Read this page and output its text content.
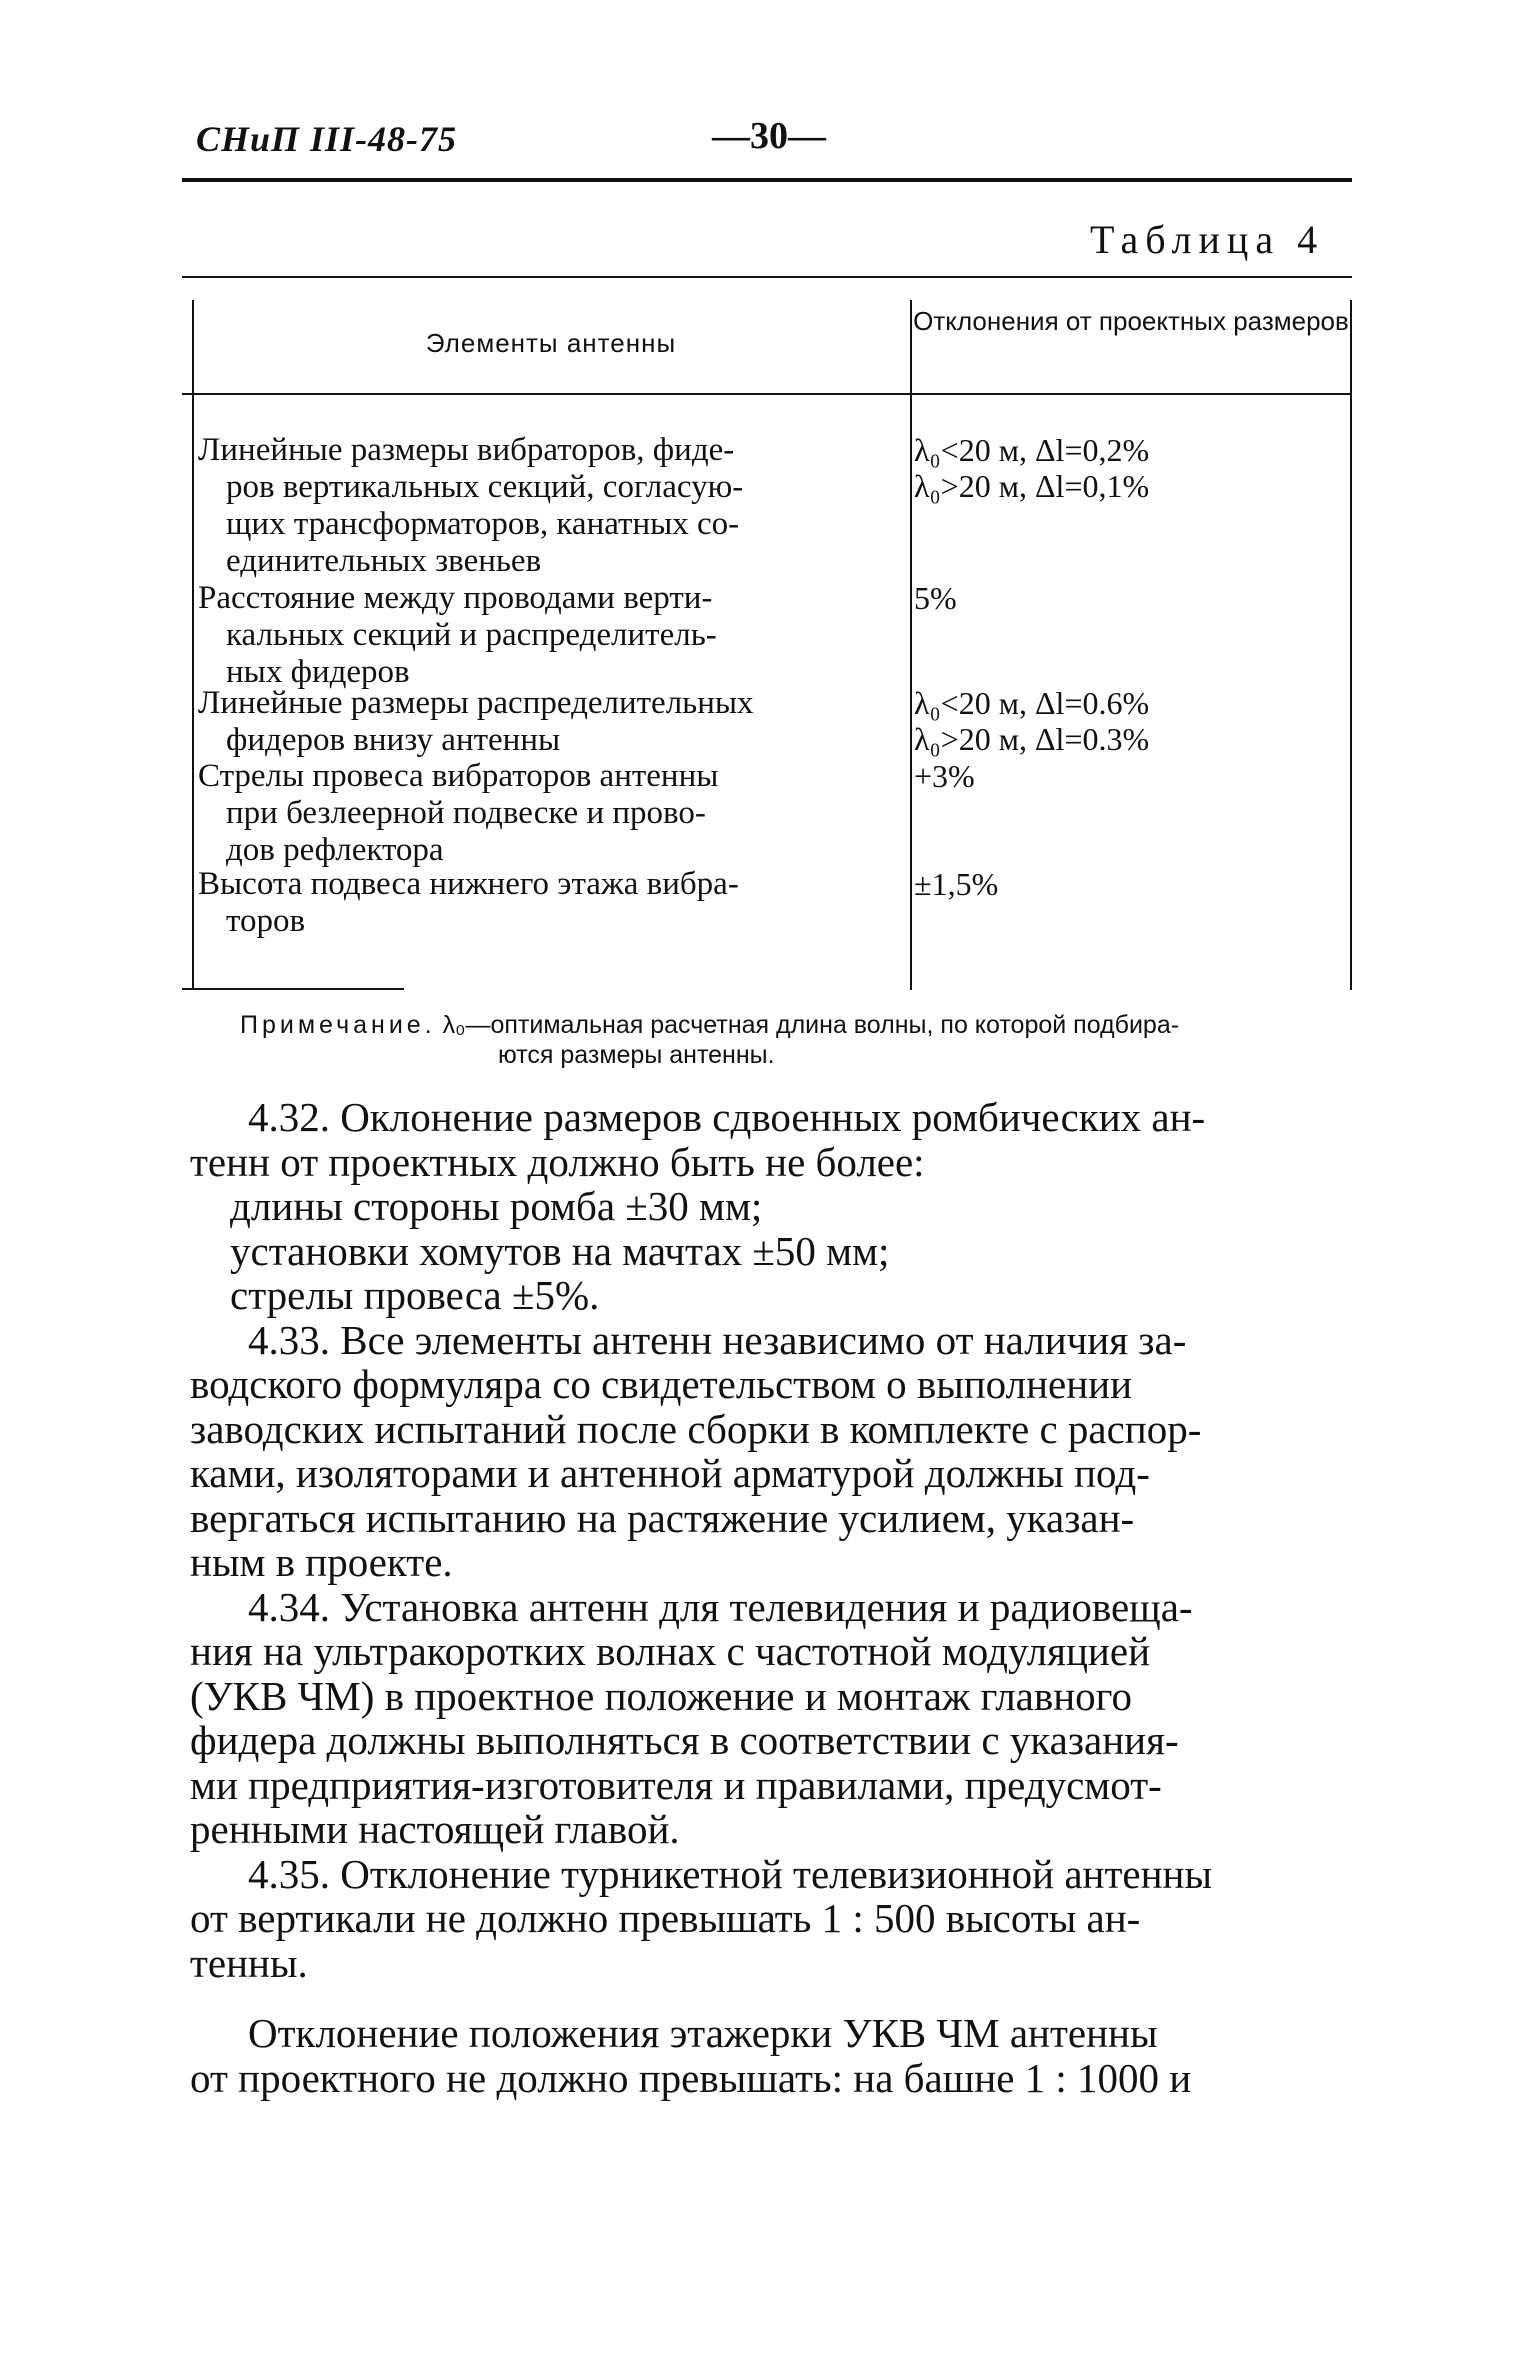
СНиП III-48-75	—30—
Таблица 4
Элементы антенны
Отклонения от проектных размеров
Линейные размеры вибраторов, фиде-
ров вертикальных секций, согласую-
щих трансформаторов, канатных со-
единительных звеньев
λ₀<20 м, Δl=0,2%
λ₀>20 м, Δl=0,1%
Расстояние между проводами верти-
кальных секций и распределитель-
ных фидеров
5%
Линейные размеры распределительных
фидеров внизу антенны
λ₀<20 м, Δl=0.6%
λ₀>20 м, Δl=0.3%
Стрелы провеса вибраторов антенны
при безлеерной подвеске и прово-
дов рефлектора
+3%
Высота подвеса нижнего этажа вибра-
торов
±1,5%
Примечание. λ₀—оптимальная расчетная длина волны, по которой подбира-
ются размеры антенны.
4.32. Оклонение размеров сдвоенных ромбических ан-
тенн от проектных должно быть не более:
длины стороны ромба ±30 мм;
установки хомутов на мачтах ±50 мм;
стрелы провеса ±5%.
4.33. Все элементы антенн независимо от наличия за-
водского формуляра со свидетельством о выполнении
заводских испытаний после сборки в комплекте с распор-
ками, изоляторами и антенной арматурой должны под-
вергаться испытанию на растяжение усилием, указан-
ным в проекте.
4.34. Установка антенн для телевидения и радиовеща-
ния на ультракоротких волнах с частотной модуляцией
(УКВ ЧМ) в проектное положение и монтаж главного
фидера должны выполняться в соответствии с указания-
ми предприятия-изготовителя и правилами, предусмот-
ренными настоящей главой.
4.35. Отклонение турникетной телевизионной антенны
от вертикали не должно превышать 1 : 500 высоты ан-
тенны.
Отклонение положения этажерки УКВ ЧМ антенны
от проектного не должно превышать: на башне 1 : 1000 и
